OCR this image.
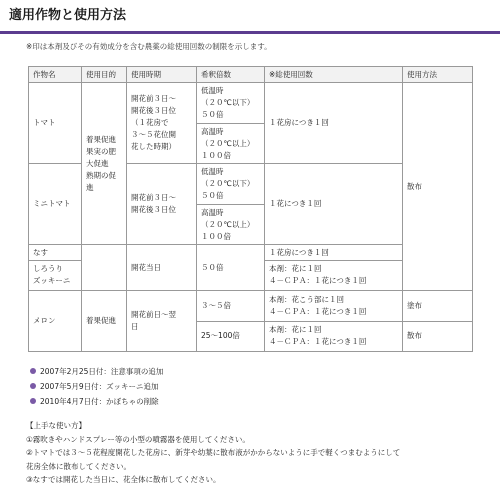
適用作物と使用方法
※印は本剤及びその有効成分を含む農薬の総使用回数の制限を示します。
作物名	使用目的	使用時期	希釈倍数	※総使用回数	使用方法
トマト	着果促進
果実の肥
大促進
熟期の促
進	開花前３日～
開花後３日位
（１花房で
３～５花位開
花した時期）	低温時
（２０℃以下）
５０倍	１花房につき１回	散布
			高温時
（２０℃以上）
１００倍		
ミニトマト		開花前３日～
開花後３日位	低温時
（２０℃以下）
５０倍	１花につき１回	
			高温時
（２０℃以上）
１００倍		
なす		開花当日	５０倍	１花房につき１回	
しろうり
ズッキーニ				本剤：花に１回
４－ＣＰＡ：１花につき１回	
メロン	着果促進	開花前日～翌
日	３～５倍	本剤：花こう部に１回
４－ＣＰＡ：１花につき１回	塗布
			25～100倍	本剤：花に１回
４－ＣＰＡ：１花につき１回	散布
2007年2月25日付：注意事項の追加
2007年5月9日付：ズッキーニ追加
2010年4月7日付：かぼちゃの削除
【上手な使い方】
①霧吹きやハンドスプレー等の小型の噴霧器を使用してください。
②トマトでは３～５花程度開花した花房に、新芽や幼葉に散布液がかからないように手で軽くつまむようにして
花房全体に散布してください。
③なすでは開花した当日に、花全体に散布してください。
